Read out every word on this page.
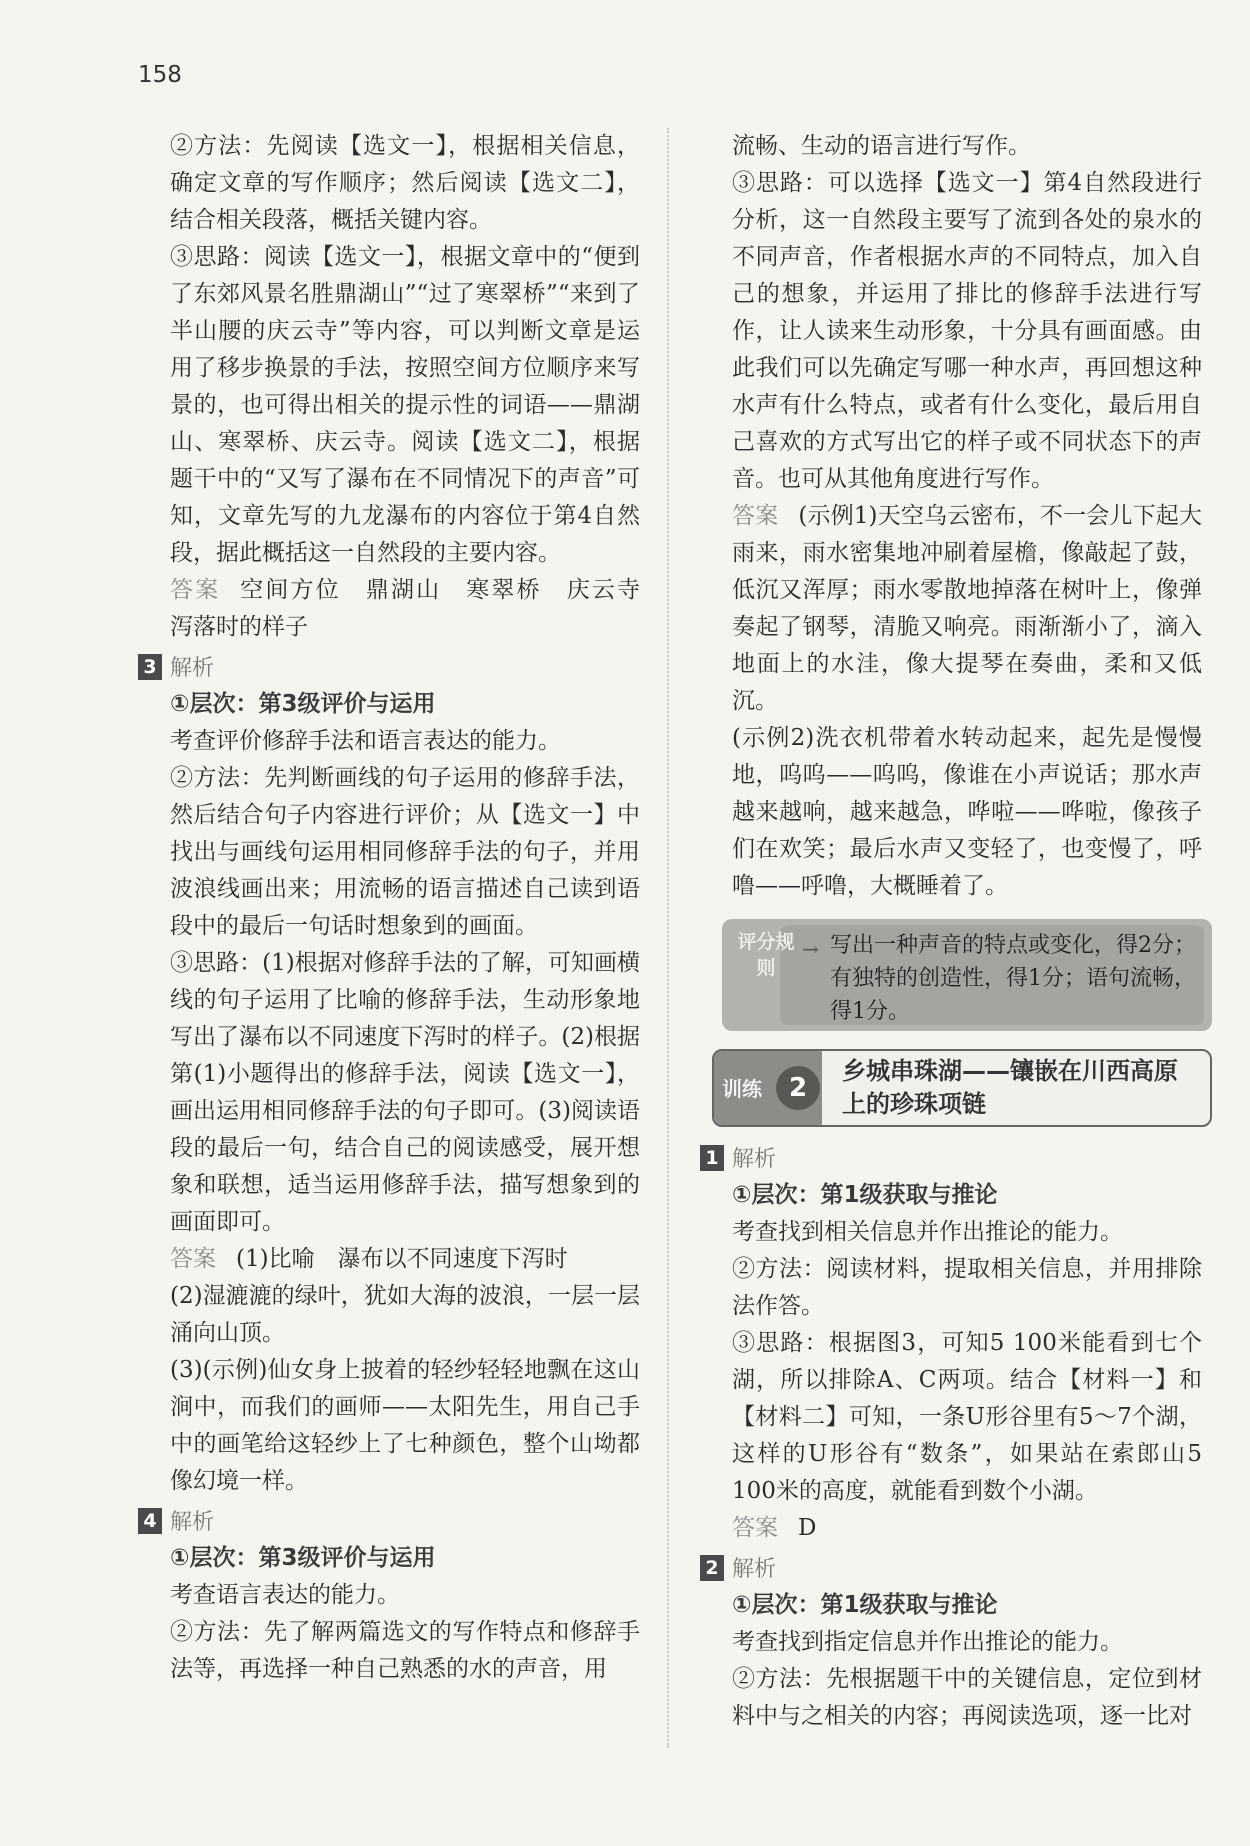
158

②方法：先阅读【选文一】，根据相关信息，确定文章的写作顺序；然后阅读【选文二】，结合相关段落，概括关键内容。

③思路：阅读【选文一】，根据文章中的“便到了东郊风景名胜鼎湖山”“过了寒翠桥”“来到了半山腰的庆云寺”等内容，可以判断文章是运用了移步换景的手法，按照空间方位顺序来写景的，也可得出相关的提示性的词语——鼎湖山、寒翠桥、庆云寺。阅读【选文二】，根据题干中的“又写了瀑布在不同情况下的声音”可知，文章先写的九龙瀑布的内容位于第4自然段，据此概括这一自然段的主要内容。

答案 空间方位　鼎湖山　寒翠桥　庆云寺　泻落时的样子

3 解析

①层次：第3级评价与运用

考查评价修辞手法和语言表达的能力。

②方法：先判断画线的句子运用的修辞手法，然后结合句子内容进行评价；从【选文一】中找出与画线句运用相同修辞手法的句子，并用波浪线画出来；用流畅的语言描述自己读到语段中的最后一句话时想象到的画面。

③思路：(1)根据对修辞手法的了解，可知画横线的句子运用了比喻的修辞手法，生动形象地写出了瀑布以不同速度下泻时的样子。(2)根据第(1)小题得出的修辞手法，阅读【选文一】，画出运用相同修辞手法的句子即可。(3)阅读语段的最后一句，结合自己的阅读感受，展开想象和联想，适当运用修辞手法，描写想象到的画面即可。

答案 (1)比喻　瀑布以不同速度下泻时

(2)湿漉漉的绿叶，犹如大海的波浪，一层一层涌向山顶。

(3)(示例)仙女身上披着的轻纱轻轻地飘在这山涧中，而我们的画师——太阳先生，用自己手中的画笔给这轻纱上了七种颜色，整个山坳都像幻境一样。

4 解析

①层次：第3级评价与运用

考查语言表达的能力。

②方法：先了解两篇选文的写作特点和修辞手法等，再选择一种自己熟悉的水的声音，用

流畅、生动的语言进行写作。

③思路：可以选择【选文一】第4自然段进行分析，这一自然段主要写了流到各处的泉水的不同声音，作者根据水声的不同特点，加入自己的想象，并运用了排比的修辞手法进行写作，让人读来生动形象，十分具有画面感。由此我们可以先确定写哪一种水声，再回想这种水声有什么特点，或者有什么变化，最后用自己喜欢的方式写出它的样子或不同状态下的声音。也可从其他角度进行写作。

答案 (示例1)天空乌云密布，不一会儿下起大雨来，雨水密集地冲刷着屋檐，像敲起了鼓，低沉又浑厚；雨水零散地掉落在树叶上，像弹奏起了钢琴，清脆又响亮。雨渐渐小了，滴入地面上的水洼，像大提琴在奏曲，柔和又低沉。

(示例2)洗衣机带着水转动起来，起先是慢慢地，呜呜——呜呜，像谁在小声说话；那水声越来越响，越来越急，哗啦——哗啦，像孩子们在欢笑；最后水声又变轻了，也变慢了，呼噜——呼噜，大概睡着了。

评分规则
→ 写出一种声音的特点或变化，得2分；有独特的创造性，得1分；语句流畅，得1分。
训练	2
乡城串珠湖——镶嵌在川西高原上的珍珠项链
1 解析

①层次：第1级获取与推论

考查找到相关信息并作出推论的能力。

②方法：阅读材料，提取相关信息，并用排除法作答。

③思路：根据图3，可知5 100米能看到七个湖，所以排除A、C两项。结合【材料一】和【材料二】可知，一条U形谷里有5～7个湖，这样的U形谷有“数条”，如果站在索郎山5 100米的高度，就能看到数个小湖。

答案 D

2 解析

①层次：第1级获取与推论

考查找到指定信息并作出推论的能力。

②方法：先根据题干中的关键信息，定位到材料中与之相关的内容；再阅读选项，逐一比对
